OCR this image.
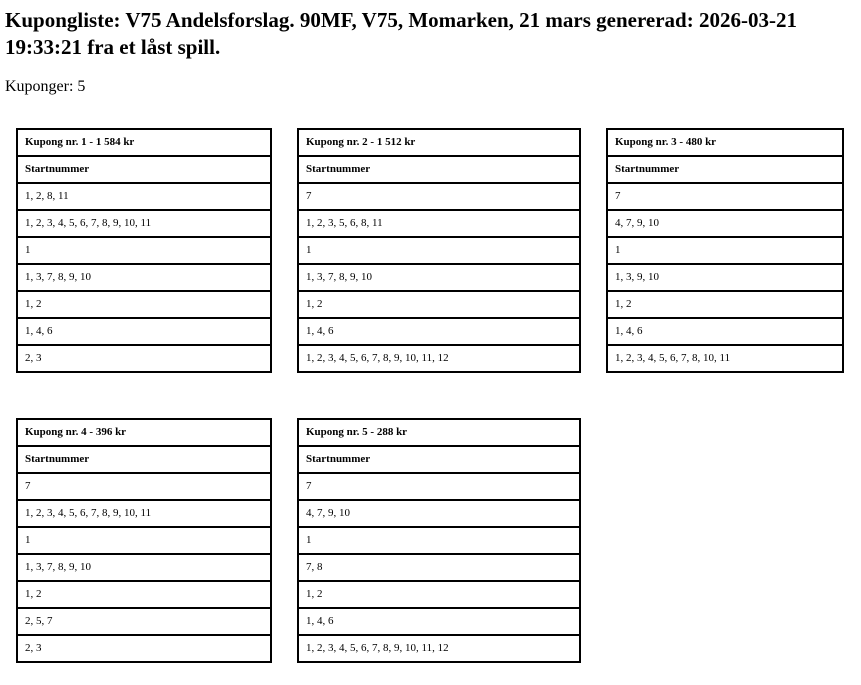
Kupongliste: V75 Andelsforslag. 90MF, V75, Momarken, 21 mars genererad: 2026-03-21 19:33:21 fra et låst spill.
Kuponger: 5
Kupong nr. 1 - 1 584 kr
Startnummer
1, 2, 8, 11
1, 2, 3, 4, 5, 6, 7, 8, 9, 10, 11
1
1, 3, 7, 8, 9, 10
1, 2
1, 4, 6
2, 3
Kupong nr. 2 - 1 512 kr
Startnummer
7
1, 2, 3, 5, 6, 8, 11
1
1, 3, 7, 8, 9, 10
1, 2
1, 4, 6
1, 2, 3, 4, 5, 6, 7, 8, 9, 10, 11, 12
Kupong nr. 3 - 480 kr
Startnummer
7
4, 7, 9, 10
1
1, 3, 9, 10
1, 2
1, 4, 6
1, 2, 3, 4, 5, 6, 7, 8, 10, 11
Kupong nr. 4 - 396 kr
Startnummer
7
1, 2, 3, 4, 5, 6, 7, 8, 9, 10, 11
1
1, 3, 7, 8, 9, 10
1, 2
2, 5, 7
2, 3
Kupong nr. 5 - 288 kr
Startnummer
7
4, 7, 9, 10
1
7, 8
1, 2
1, 4, 6
1, 2, 3, 4, 5, 6, 7, 8, 9, 10, 11, 12
